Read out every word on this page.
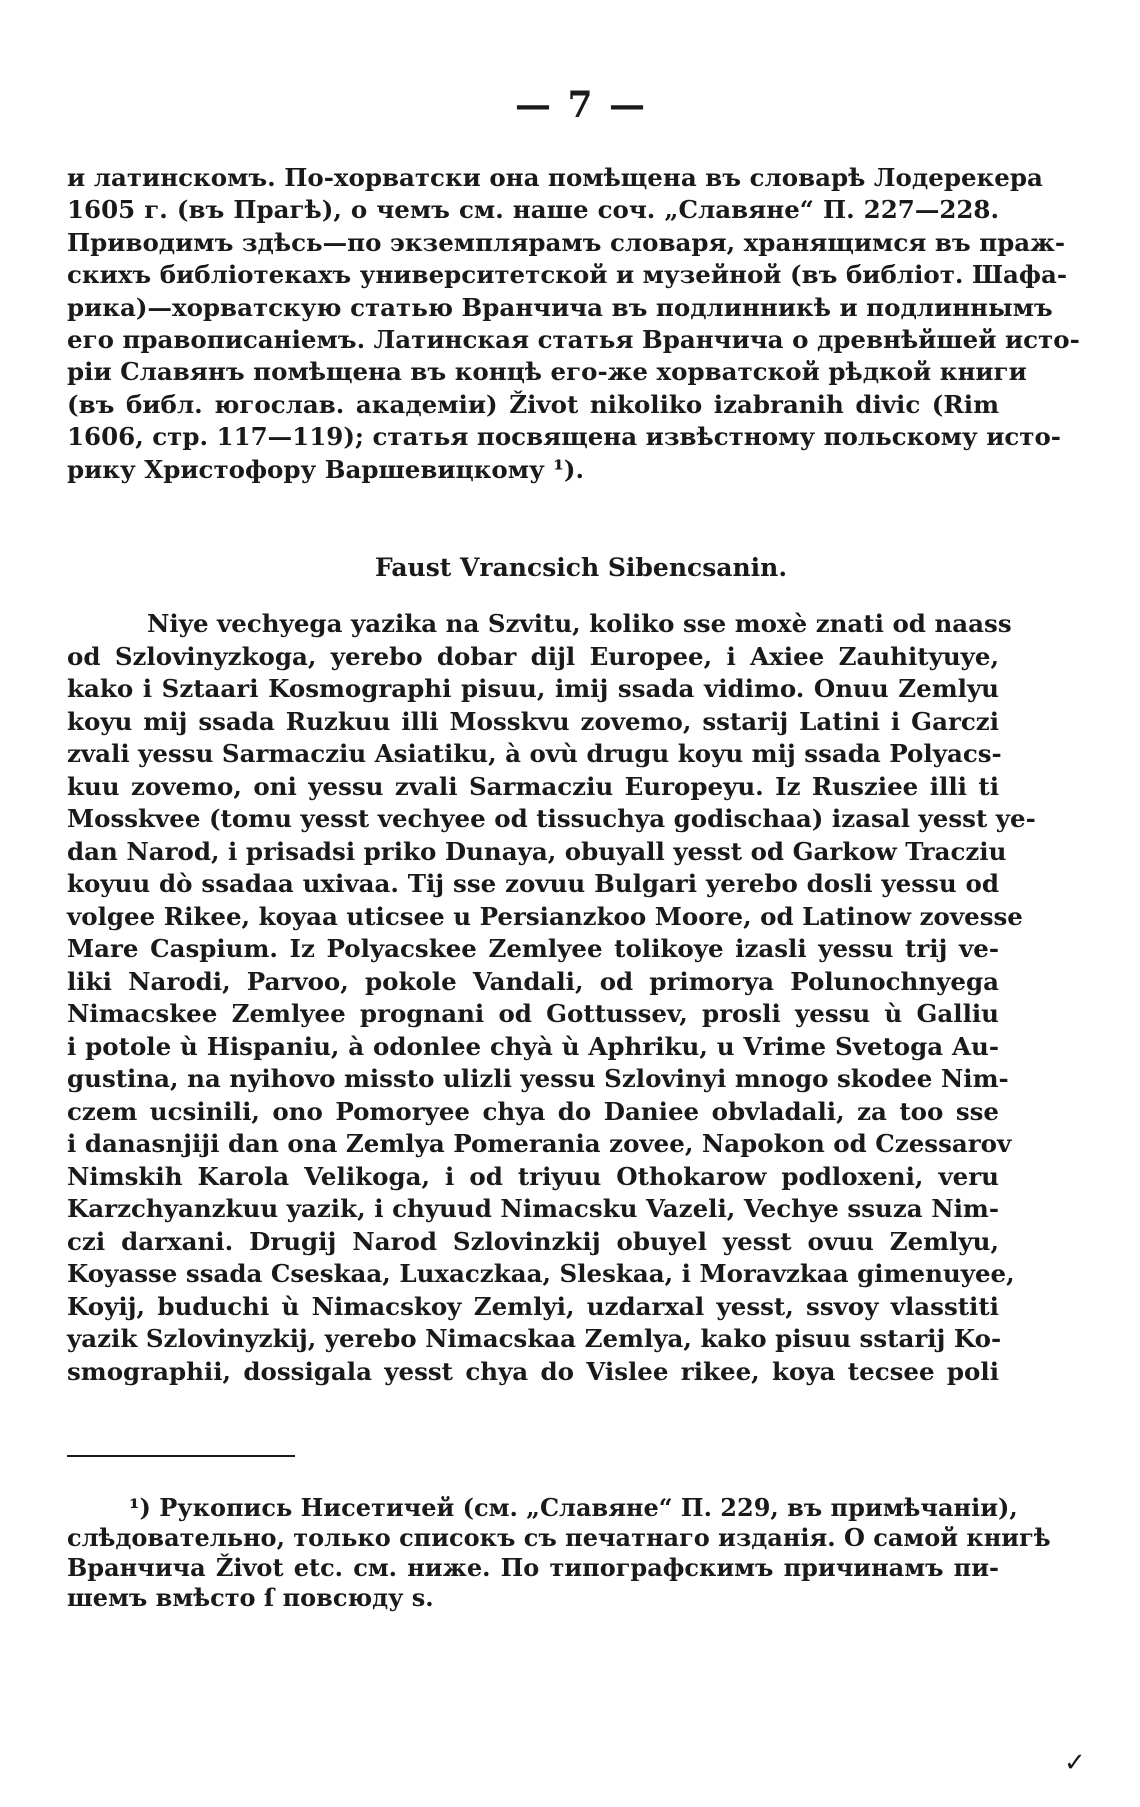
— 7 —
и латинскомъ. По-хорватски она помѣщена въ словарѣ Лодерекера
1605 г. (въ Прагѣ), о чемъ см. наше соч. „Славяне“ П. 227—228.
Приводимъ здѣсь—по экземплярамъ словаря, хранящимся въ праж-
скихъ библіотекахъ университетской и музейной (въ библiот. Шафа-
рика)—хорватскую статью Вранчича въ подлинникѣ и подлиннымъ
его правописаніемъ. Латинская статья Вранчича о древнѣйшей исто-
ріи Славянъ помѣщена въ концѣ его-же хорватской рѣдкой книги
(въ библ. югослав. академіи) Život nikoliko izabranih divic (Rim
1606, стр. 117—119); статья посвящена извѣстному польскому исто-
рику Христофору Варшевицкому ¹).
Faust Vrancsich Sibencsanin.
Niye vechyega yazika na Szvitu, koliko sse moxè znati od naass
od Szlovinyzkoga, yerebo dobar dijl Europee, i Axiee Zauhityuye,
kako i Sztaari Kosmographi pisuu, imij ssada vidimo. Onuu Zemlyu
koyu mij ssada Ruzkuu illi Mosskvu zovemo, sstarij Latini i Garczi
zvali yessu Sarmacziu Asiatiku, à ovù drugu koyu mij ssada Polyacs-
kuu zovemo, oni yessu zvali Sarmacziu Europeyu. Iz Rusziee illi ti
Mosskvee (tomu yesst vechyee od tissuchya godischaa) izasal yesst ye-
dan Narod, i prisadsi priko Dunaya, obuyall yesst od Garkow Traсziu
koyuu dò ssadaa uxivaa. Tij sse zovuu Bulgari yerebo dosli yessu od
volgee Rikee, koyaa uticsee u Persianzkoo Moore, od Latinow zovesse
Mare Caspium. Iz Polyacskee Zemlyee tolikoye izasli yessu trij ve-
liki Narodi, Parvoo, pokole Vandali, od primorya Polunochnyega
Nimacskee Zemlyee prognani od Gottussev, prosli yessu ù Galliu
i potole ù Hispaniu, à odonlee chyà ù Aphriku, u Vrime Svetoga Au-
gustina, na nyihovo missto ulizli yessu Szlovinyi mnogo skodee Nim-
czem ucsinili, ono Pomoryee chya do Daniee obvladali, za too sse
i danasnjiji dan ona Zemlya Pomerania zovee, Napokon od Czessarov
Nimskih Karola Velikoga, i od triyuu Othokarow podloxeni, veru
Karzchyanzkuu yazik, i chyuud Nimacsku Vazeli, Vechye ssuza Nim-
czi darxani. Drugij Narod Szlovinzkij obuyel yesst ovuu Zemlyu,
Koyasse ssada Cseskaa, Luxaczkaa, Sleskaa, i Moravzkaa gimenuyee,
Koyij, buduchi ù Nimacskoy Zemlyi, uzdarxal yesst, ssvoy vlasstiti
yazik Szlovinyzkij, yerebo Nimacskaa Zemlya, kako pisuu sstarij Ko-
smographii, dossigala yesst chya do Vislee rikee, koya tecsee poli
¹) Рукопись Нисетичей (см. „Славяне“ П. 229, въ примѣчаніи),
слѣдовательно, только списокъ съ печатнаго изданія. О самой книгѣ
Вранчича Život etc. см. ниже. По типографскимъ причинамъ пи-
шемъ вмѣсто ſ повсюду s.
✓
